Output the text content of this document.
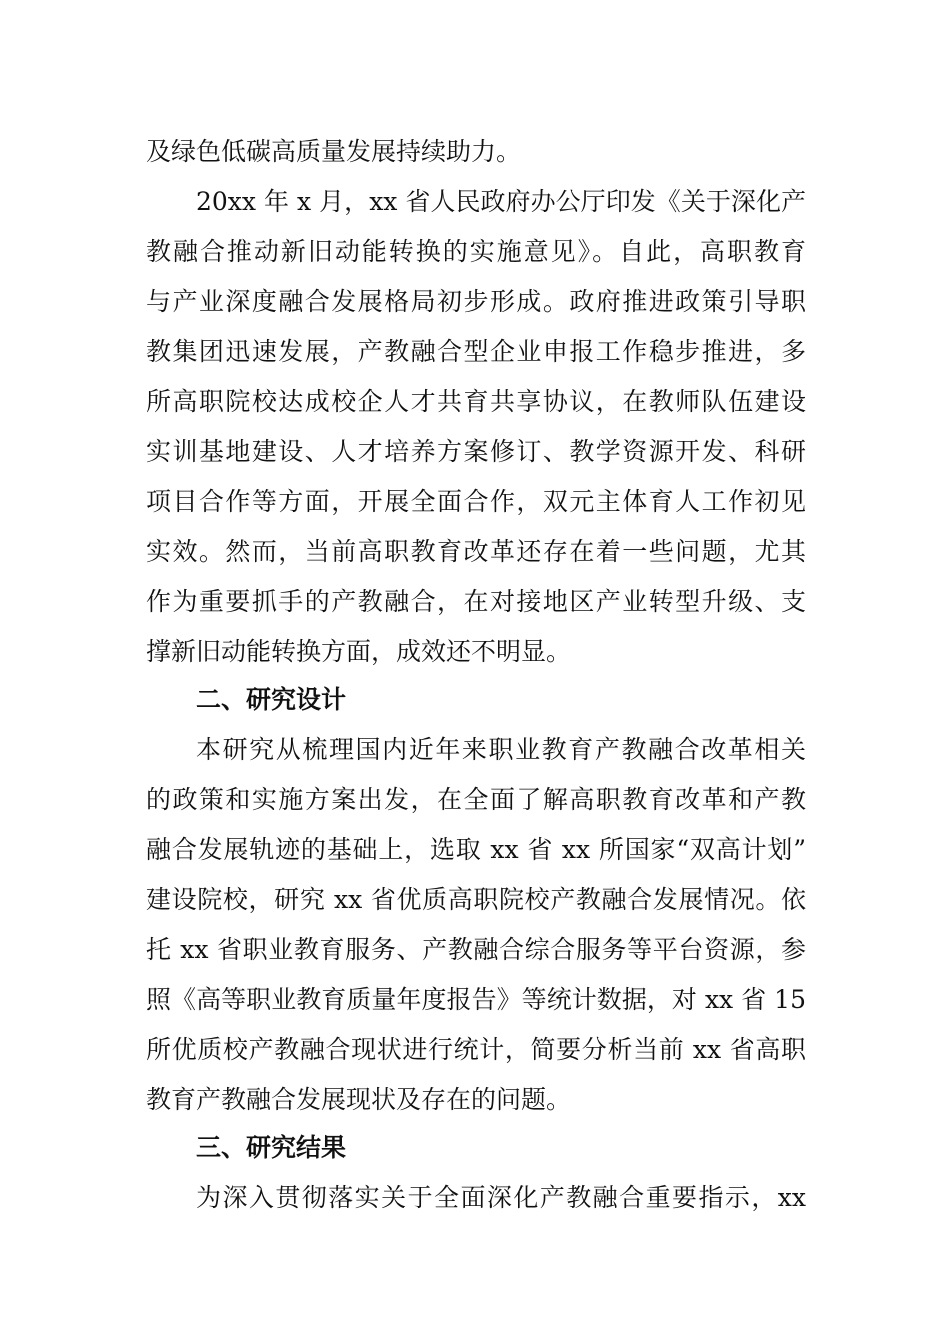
及绿色低碳高质量发展持续助力。
20xx 年 x 月，xx 省人民政府办公厅印发《关于深化产
教融合推动新旧动能转换的实施意见》。自此，高职教育
与产业深度融合发展格局初步形成。政府推进政策引导职
教集团迅速发展，产教融合型企业申报工作稳步推进，多
所高职院校达成校企人才共育共享协议，在教师队伍建设
实训基地建设、人才培养方案修订、教学资源开发、科研
项目合作等方面，开展全面合作，双元主体育人工作初见
实效。然而，当前高职教育改革还存在着一些问题，尤其
作为重要抓手的产教融合，在对接地区产业转型升级、支
撑新旧动能转换方面，成效还不明显。
二、研究设计
本研究从梳理国内近年来职业教育产教融合改革相关
的政策和实施方案出发，在全面了解高职教育改革和产教
融合发展轨迹的基础上，选取 xx 省 xx 所国家“双高计划”
建设院校，研究 xx 省优质高职院校产教融合发展情况。依
托 xx 省职业教育服务、产教融合综合服务等平台资源，参
照《高等职业教育质量年度报告》等统计数据，对 xx 省 15
所优质校产教融合现状进行统计，简要分析当前 xx 省高职
教育产教融合发展现状及存在的问题。
三、研究结果
为深入贯彻落实关于全面深化产教融合重要指示，xx
